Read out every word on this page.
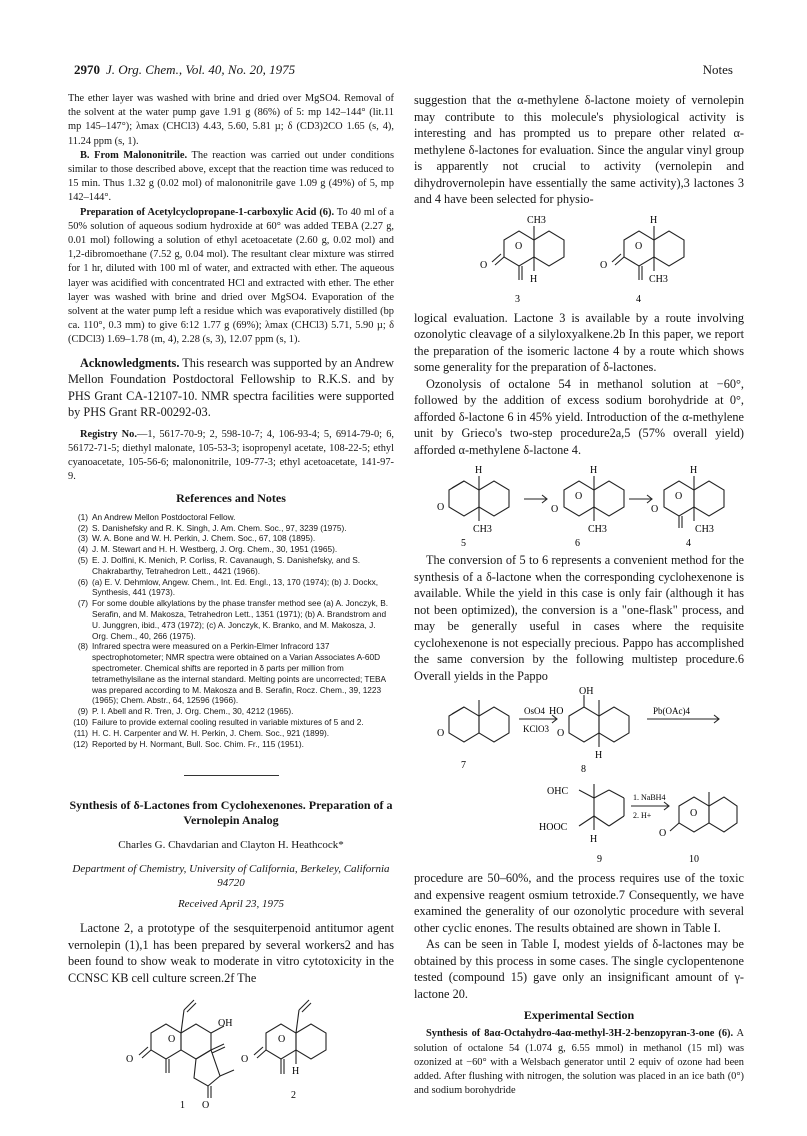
2970 J. Org. Chem., Vol. 40, No. 20, 1975	Notes

The ether layer was washed with brine and dried over MgSO4. Removal of the solvent at the water pump gave 1.91 g (86%) of 5: mp 142–144° (lit.11 mp 145–147°); λmax (CHCl3) 4.43, 5.60, 5.81 µ; δ (CD3)2CO 1.65 (s, 4), 11.24 ppm (s, 1).

B. From Malononitrile. The reaction was carried out under conditions similar to those described above, except that the reaction time was reduced to 15 min. Thus 1.32 g (0.02 mol) of malononitrile gave 1.09 g (49%) of 5, mp 142–144°.

Preparation of Acetylcyclopropane-1-carboxylic Acid (6). To 40 ml of a 50% solution of aqueous sodium hydroxide at 60° was added TEBA (2.27 g, 0.01 mol) following a solution of ethyl acetoacetate (2.60 g, 0.02 mol) and 1,2-dibromoethane (7.52 g, 0.04 mol). The resultant clear mixture was stirred for 1 hr, diluted with 100 ml of water, and extracted with ether. The aqueous layer was acidified with concentrated HCl and extracted with ether. The ether layer was washed with brine and dried over MgSO4. Evaporation of the solvent at the water pump left a residue which was evaporatively distilled (bp ca. 110°, 0.3 mm) to give 6:12 1.77 g (69%); λmax (CHCl3) 5.71, 5.90 µ; δ (CDCl3) 1.69–1.78 (m, 4), 2.28 (s, 3), 12.07 ppm (s, 1).

Acknowledgments. This research was supported by an Andrew Mellon Foundation Postdoctoral Fellowship to R.K.S. and by PHS Grant CA-12107-10. NMR spectra facilities were supported by PHS Grant RR-00292-03.

Registry No.—1, 5617-70-9; 2, 598-10-7; 4, 106-93-4; 5, 6914-79-0; 6, 56172-71-5; diethyl malonate, 105-53-3; isopropenyl acetate, 108-22-5; ethyl cyanoacetate, 105-56-6; malononitrile, 109-77-3; ethyl acetoacetate, 141-97-9.

References and Notes
(1) An Andrew Mellon Postdoctoral Fellow.
(2) S. Danishefsky and R. K. Singh, J. Am. Chem. Soc., 97, 3239 (1975).
(3) W. A. Bone and W. H. Perkin, J. Chem. Soc., 67, 108 (1895).
(4) J. M. Stewart and H. H. Westberg, J. Org. Chem., 30, 1951 (1965).
(5) E. J. Dolfini, K. Menich, P. Corliss, R. Cavanaugh, S. Danishefsky, and S. Chakrabarthy, Tetrahedron Lett., 4421 (1966).
(6) (a) E. V. Dehmlow, Angew. Chem., Int. Ed. Engl., 13, 170 (1974); (b) J. Dockx, Synthesis, 441 (1973).
(7) For some double alkylations by the phase transfer method see (a) A. Jonczyk, B. Serafin, and M. Makosza, Tetrahedron Lett., 1351 (1971); (b) A. Brandstrom and U. Junggren, ibid., 473 (1972); (c) A. Jonczyk, K. Branko, and M. Makosza, J. Org. Chem., 40, 266 (1975).
(8) Infrared spectra were measured on a Perkin-Elmer Infracord 137 spectrophotometer; NMR spectra were obtained on a Varian Associates A-60D spectrometer. Chemical shifts are reported in δ parts per million from tetramethylsilane as the internal standard. Melting points are uncorrected; TEBA was prepared according to M. Makosza and B. Serafin, Rocz. Chem., 39, 1223 (1965); Chem. Abstr., 64, 12596 (1966).
(9) P. I. Abell and R. Tren, J. Org. Chem., 30, 4212 (1965).
(10) Failure to provide external cooling resulted in variable mixtures of 5 and 2.
(11) H. C. H. Carpenter and W. H. Perkin, J. Chem. Soc., 921 (1899).
(12) Reported by H. Normant, Bull. Soc. Chim. Fr., 115 (1951).
Synthesis of δ-Lactones from Cyclohexenones. Preparation of a Vernolepin Analog
Charles G. Chavdarian and Clayton H. Heathcock*
Department of Chemistry, University of California, Berkeley, California 94720
Received April 23, 1975

Lactone 2, a prototype of the sesquiterpenoid antitumor agent vernolepin (1),1 has been prepared by several workers2 and has been found to show weak to moderate in vitro cytotoxicity in the CCNSC KB cell culture screen.2f The

OH
O
O
O
O
O
H
1
2

suggestion that the α-methylene δ-lactone moiety of vernolepin may contribute to this molecule's physiological activity is interesting and has prompted us to prepare other related α-methylene δ-lactones for evaluation. Since the angular vinyl group is apparently not crucial to activity (vernolepin and dihydrovernolepin have essentially the same activity),3 lactones 3 and 4 have been selected for physio-

CH3
H
H
CH3
O
O
O
O
3	4

logical evaluation. Lactone 3 is available by a route involving ozonolytic cleavage of a silyloxyalkene.2b In this paper, we report the preparation of the isomeric lactone 4 by a route which shows some generality for the preparation of δ-lactones.

Ozonolysis of octalone 54 in methanol solution at −60°, followed by the addition of excess sodium borohydride at 0°, afforded δ-lactone 6 in 45% yield. Introduction of the α-methylene unit by Grieco's two-step procedure2a,5 (57% overall yield) afforded α-methylene δ-lactone 4.

H	H	H
CH3	CH3	CH3
O	O
O
O
O
5	6	4

The conversion of 5 to 6 represents a convenient method for the synthesis of a δ-lactone when the corresponding cyclohexenone is available. While the yield in this case is only fair (although it has not been optimized), the conversion is a "one-flask" process, and may be generally useful in cases where the requisite cyclohexenone is not especially precious. Pappo has accomplished the same conversion by the following multistep procedure.6 Overall yields in the Pappo

OsO4
KClO3
Pb(OAc)4
OH
HO
O	O
H
7	8
OHC
HOOC
H
O
O
1. NaBH4
2. H+
9	10

procedure are 50–60%, and the process requires use of the toxic and expensive reagent osmium tetroxide.7 Consequently, we have examined the generality of our ozonolytic procedure with several other cyclic enones. The results obtained are shown in Table I.

As can be seen in Table I, modest yields of δ-lactones may be obtained by this process in some cases. The single cyclopentenone tested (compound 15) gave only an insignificant amount of γ-lactone 20.

Experimental Section

Synthesis of 8aα-Octahydro-4aα-methyl-3H-2-benzopyran-3-one (6). A solution of octalone 54 (1.074 g, 6.55 mmol) in methanol (15 ml) was ozonized at −60° with a Welsbach generator until 2 equiv of ozone had been added. After flushing with nitrogen, the solution was placed in an ice bath (0°) and sodium borohydride
